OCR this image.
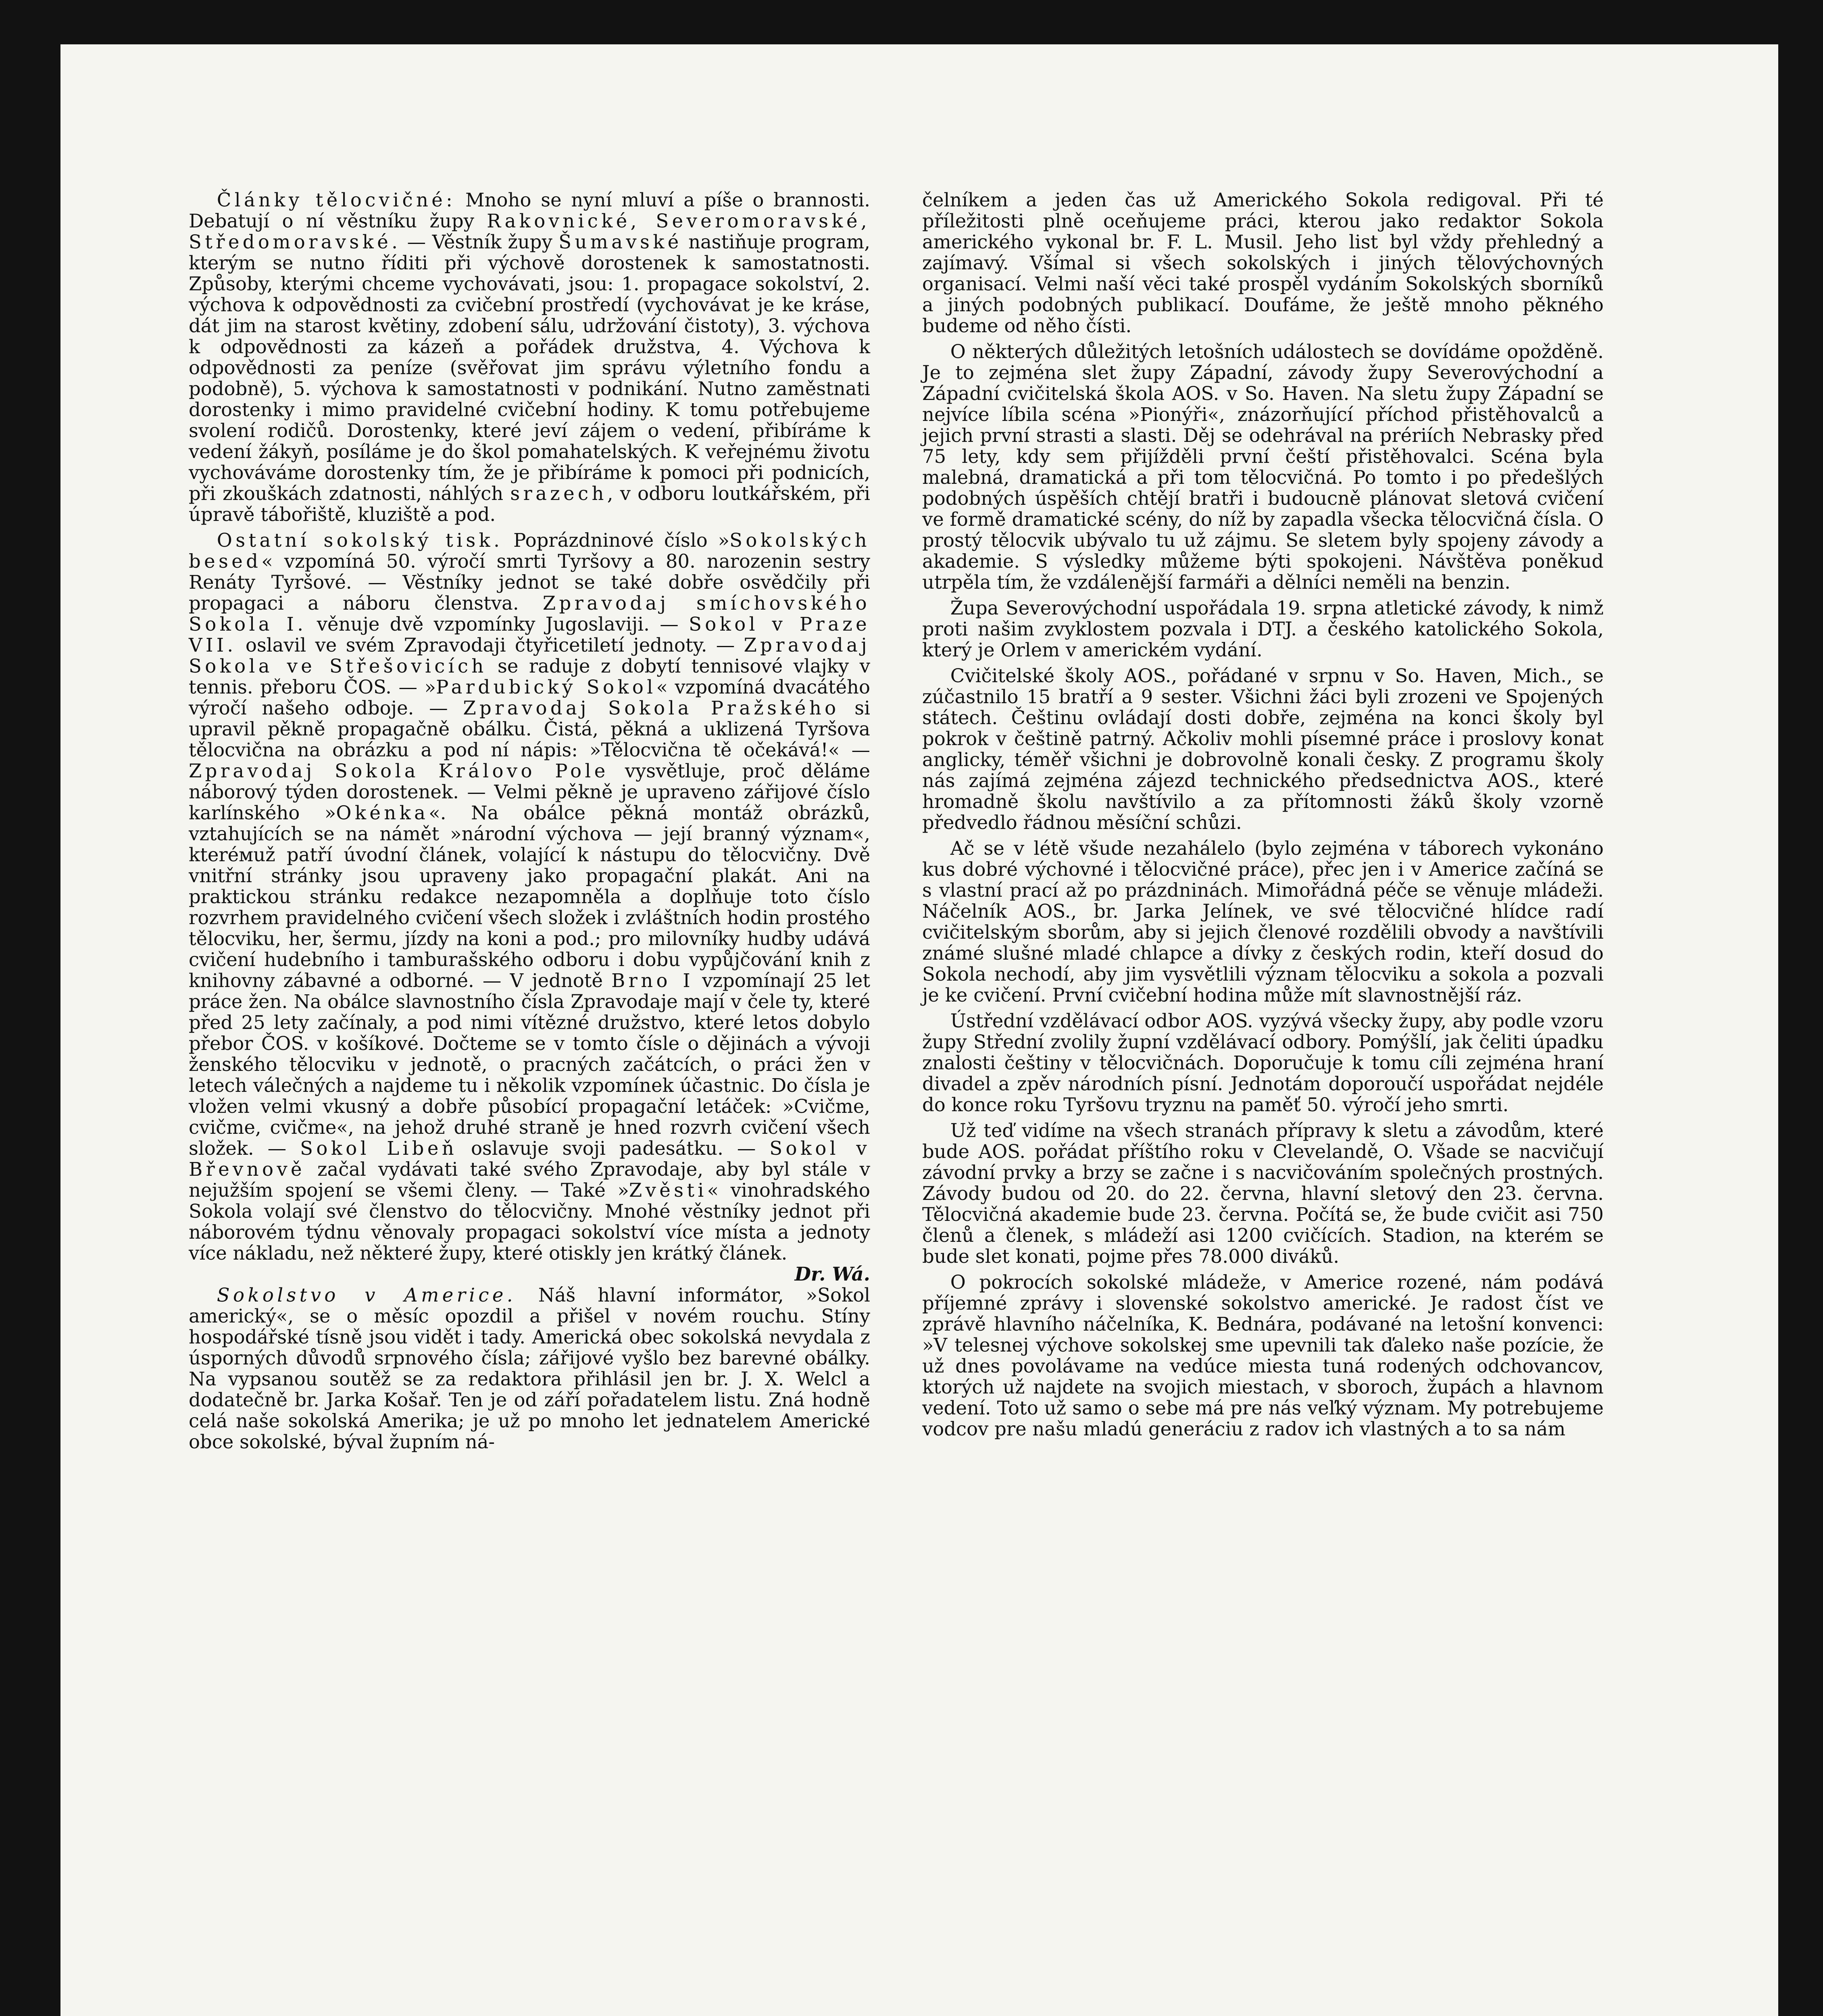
Články tělocvičné: Mnoho se nyní mluví a píše o brannosti. Debatují o ní věstníku župy Rakovnické, Severomoravské, Středomoravské. — Věstník župy Šumavské nastiňuje program, kterým se nutno říditi při výchově dorostenek k samostatnosti. Způsoby, kterými chceme vychovávati, jsou: 1. propagace sokolství, 2. výchova k odpovědnosti za cvičební prostředí (vychovávat je ke kráse, dát jim na starost květiny, zdobení sálu, udržování čistoty), 3. výchova k odpovědnosti za kázeň a pořádek družstva, 4. Výchova k odpovědnosti za peníze (svěřovat jim správu výletního fondu a podobně), 5. výchova k samostatnosti v podnikání. Nutno zaměstnati dorostenky i mimo pravidelné cvičební hodiny. K tomu potřebujeme svolení rodičů. Dorostenky, které jeví zájem o vedení, přibíráme k vedení žákyň, posíláme je do škol pomahatelských. K veřejnému životu vychováváme dorostenky tím, že je přibíráme k pomoci při podnicích, při zkouškách zdatnosti, náhlých srazech, v odboru loutkářském, při úpravě tábořiště, kluziště a pod.

Ostatní sokolský tisk. Poprázdninové číslo »Sokolských besed« vzpomíná 50. výročí smrti Tyršovy a 80. narozenin sestry Renáty Tyršové. — Věstníky jednot se také dobře osvědčily při propagaci a náboru členstva. Zpravodaj smíchovského Sokola I. věnuje dvě vzpomínky Jugoslaviji. — Sokol v Praze VII. oslavil ve svém Zpravodaji čtyřicetiletí jednoty. — Zpravodaj Sokola ve Střešovicích se raduje z dobytí tennisové vlajky v tennis. přeboru ČOS. — »Pardubický Sokol« vzpomíná dvacátého výročí našeho odboje. — Zpravodaj Sokola Pražského si upravil pěkně propagačně obálku. Čistá, pěkná a uklizená Tyršova tělocvična na obrázku a pod ní nápis: »Tělocvična tě očekává!« — Zpravodaj Sokola Královo Pole vysvětluje, proč děláme náborový týden dorostenek. — Velmi pěkně je upraveno zářijové číslo karlínského »Okénka«. Na obálce pěkná montáž obrázků, vztahujících se na námět »národní výchova — její branný význam«, kteréмuž patří úvodní článek, volající k nástupu do tělocvičny. Dvě vnitřní stránky jsou upraveny jako propagační plakát. Ani na praktickou stránku redakce nezapomněla a doplňuje toto číslo rozvrhem pravidelného cvičení všech složek i zvláštních hodin prostého tělocviku, her, šermu, jízdy na koni a pod.; pro milovníky hudby udává cvičení hudebního i tamburašského odboru i dobu vypůjčování knih z knihovny zábavné a odborné. — V jednotě Brno I vzpomínají 25 let práce žen. Na obálce slavnostního čísla Zpravodaje mají v čele ty, které před 25 lety začínaly, a pod nimi vítězné družstvo, které letos dobylo přebor ČOS. v košíkové. Dočteme se v tomto čísle o dějinách a vývoji ženského tělocviku v jednotě, o pracných začátcích, o práci žen v letech válečných a najdeme tu i několik vzpomínek účastnic. Do čísla je vložen velmi vkusný a dobře působící propagační letáček: »Cvičme, cvičme, cvičme«, na jehož druhé straně je hned rozvrh cvičení všech složek. — Sokol Libeň oslavuje svoji padesátku. — Sokol v Břevnově začal vydávati také svého Zpravodaje, aby byl stále v nejužším spojení se všemi členy. — Také »Zvěsti« vinohradského Sokola volají své členstvo do tělocvičny. Mnohé věstníky jednot při náborovém týdnu věnovaly propagaci sokolství více místa a jednoty více nákladu, než některé župy, které otiskly jen krátký článek.
Dr. Wá.

Sokolstvo v Americe. Náš hlavní informátor, »Sokol americký«, se o měsíc opozdil a přišel v novém rouchu. Stíny hospodářské tísně jsou vidět i tady. Americká obec sokolská nevydala z úsporných důvodů srpnového čísla; zářijové vyšlo bez barevné obálky. Na vypsanou soutěž se za redaktora přihlásil jen br. J. X. Welcl a dodatečně br. Jarka Košař. Ten je od září pořadatelem listu. Zná hodně celá naše sokolská Amerika; je už po mnoho let jednatelem Americké obce sokolské, býval župním ná-

čelníkem a jeden čas už Amerického Sokola redigoval. Při té příležitosti plně oceňujeme práci, kterou jako redaktor Sokola amerického vykonal br. F. L. Musil. Jeho list byl vždy přehledný a zajímavý. Všímal si všech sokolských i jiných tělovýchovných organisací. Velmi naší věci také prospěl vydáním Sokolských sborníků a jiných podobných publikací. Doufáme, že ještě mnoho pěkného budeme od něho čísti.

O některých důležitých letošních událostech se dovídáme opožděně. Je to zejména slet župy Západní, závody župy Severovýchodní a Západní cvičitelská škola AOS. v So. Haven. Na sletu župy Západní se nejvíce líbila scéna »Pionýři«, znázorňující příchod přistěhovalců a jejich první strasti a slasti. Děj se odehrával na prériích Nebrasky před 75 lety, kdy sem přijížděli první čeští přistěhovalci. Scéna byla malebná, dramatická a při tom tělocvičná. Po tomto i po předešlých podobných úspěších chtějí bratři i budoucně plánovat sletová cvičení ve formě dramatické scény, do níž by zapadla všecka tělocvičná čísla. O prostý tělocvik ubývalo tu už zájmu. Se sletem byly spojeny závody a akademie. S výsledky můžeme býti spokojeni. Návštěva poněkud utrpěla tím, že vzdálenější farmáři a dělníci neměli na benzin.

Župa Severovýchodní uspořádala 19. srpna atletické závody, k nimž proti našim zvyklostem pozvala i DTJ. a českého katolického Sokola, který je Orlem v americkém vydání.

Cvičitelské školy AOS., pořádané v srpnu v So. Haven, Mich., se zúčastnilo 15 bratří a 9 sester. Všichni žáci byli zrozeni ve Spojených státech. Češtinu ovládají dosti dobře, zejména na konci školy byl pokrok v češtině patrný. Ačkoliv mohli písemné práce i proslovy konat anglicky, téměř všichni je dobrovolně konali česky. Z programu školy nás zajímá zejména zájezd technického předsednictva AOS., které hromadně školu navštívilo a za přítomnosti žáků školy vzorně předvedlo řádnou měsíční schůzi.

Ač se v létě všude nezahálelo (bylo zejména v táborech vykonáno kus dobré výchovné i tělocvičné práce), přec jen i v Americe začíná se s vlastní prací až po prázdninách. Mimořádná péče se věnuje mládeži. Náčelník AOS., br. Jarka Jelínek, ve své tělocvičné hlídce radí cvičitelským sborům, aby si jejich členové rozdělili obvody a navštívili známé slušné mladé chlapce a dívky z českých rodin, kteří dosud do Sokola nechodí, aby jim vysvětlili význam tělocviku a sokola a pozvali je ke cvičení. První cvičební hodina může mít slavnostnější ráz.

Ústřední vzdělávací odbor AOS. vyzývá všecky župy, aby podle vzoru župy Střední zvolily župní vzdělávací odbory. Pomýšlí, jak čeliti úpadku znalosti češtiny v tělocvičnách. Doporučuje k tomu cíli zejména hraní divadel a zpěv národních písní. Jednotám doporoučí uspořádat nejdéle do konce roku Tyršovu tryznu na paměť 50. výročí jeho smrti.

Už teď vidíme na všech stranách přípravy k sletu a závodům, které bude AOS. pořádat příštího roku v Clevelandě, O. Všade se nacvičují závodní prvky a brzy se začne i s nacvičováním společných prostných. Závody budou od 20. do 22. června, hlavní sletový den 23. června. Tělocvičná akademie bude 23. června. Počítá se, že bude cvičit asi 750 členů a členek, s mládeží asi 1200 cvičících. Stadion, na kterém se bude slet konati, pojme přes 78.000 diváků.

O pokrocích sokolské mládeže, v Americe rozené, nám podává příjemné zprávy i slovenské sokolstvo americké. Je radost číst ve zprávě hlavního náčelníka, K. Bednára, podávané na letošní konvenci: »V telesnej výchove sokolskej sme upevnili tak ďaleko naše pozície, že už dnes povolávame na vedúce miesta tuná rodených odchovancov, ktorých už najdete na svojich miestach, v sboroch, župách a hlavnom vedení. Toto už samo o sebe má pre nás veľký význam. My potrebujeme vodcov pre našu mladú generáciu z radov ich vlastných a to sa nám
